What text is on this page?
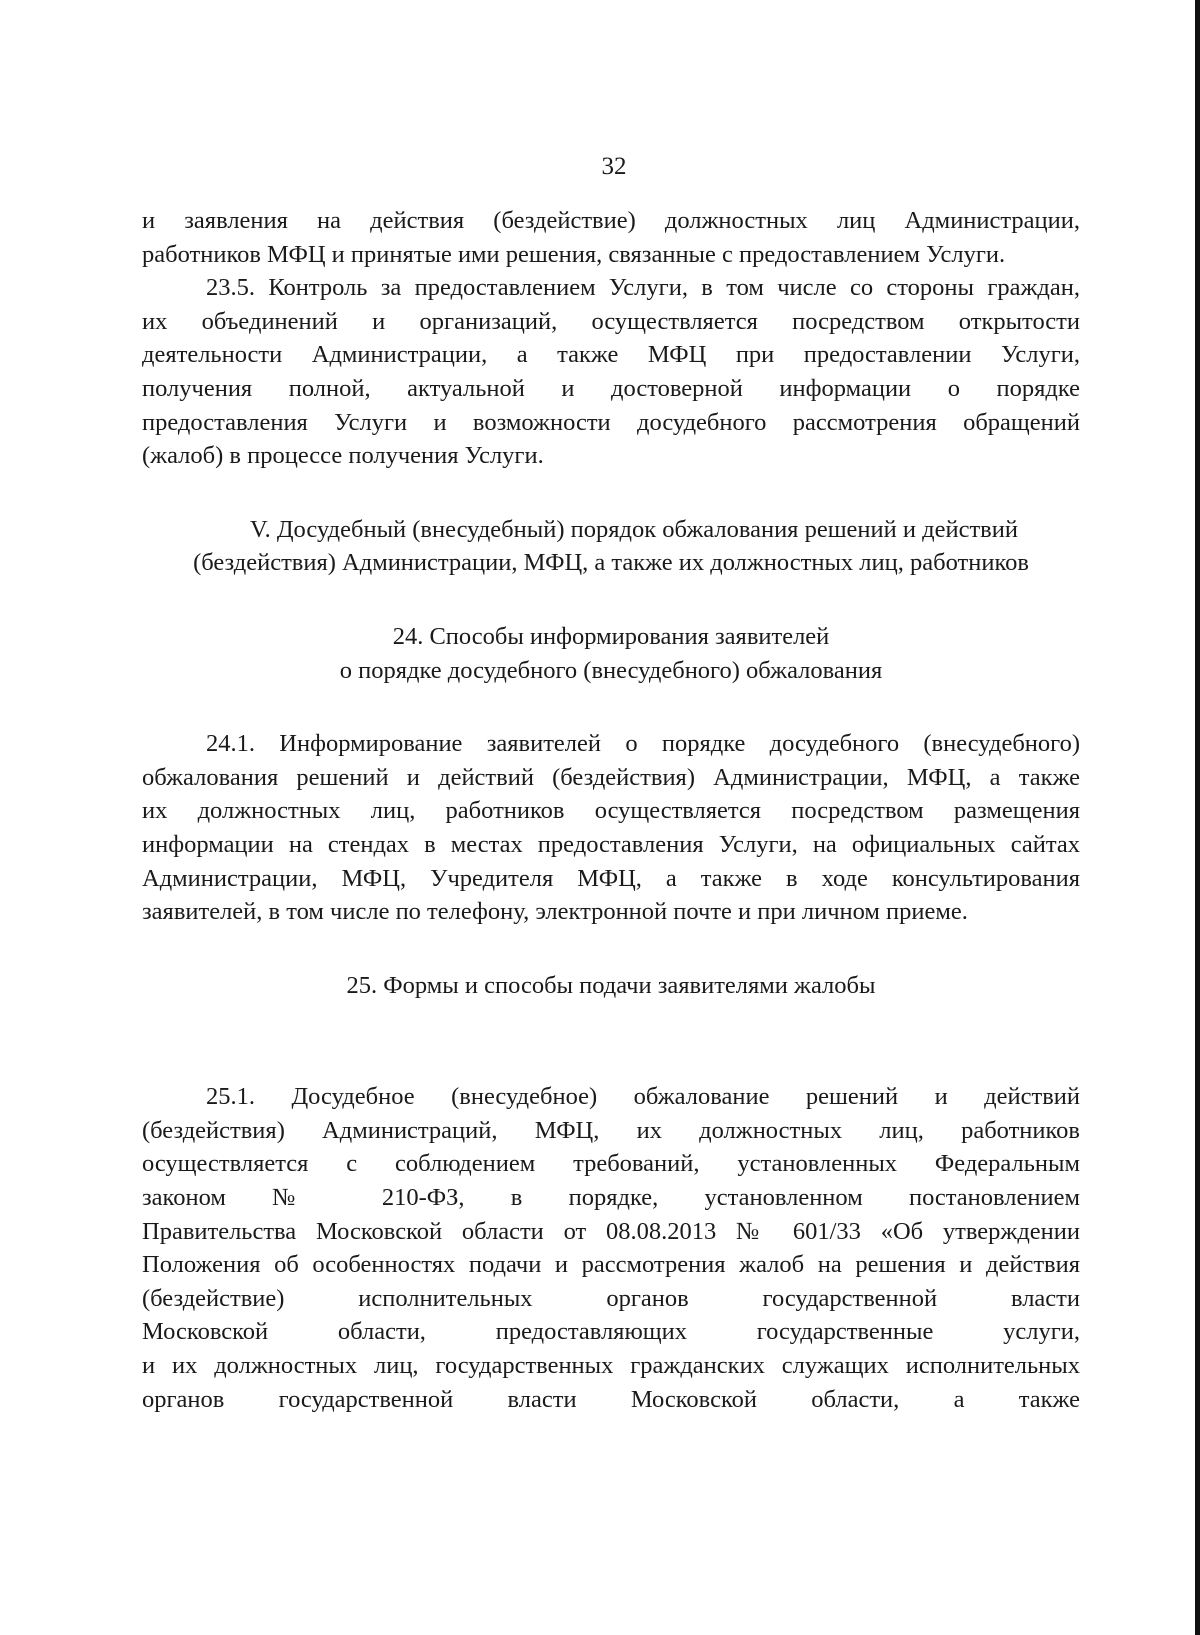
32
и заявления на действия (бездействие) должностных лиц Администрации,
работников МФЦ и принятые ими решения, связанные с предоставлением Услуги.
23.5. Контроль за предоставлением Услуги, в том числе со стороны граждан,
их объединений и организаций, осуществляется посредством открытости
деятельности Администрации, а также МФЦ при предоставлении Услуги,
получения полной, актуальной и достоверной информации о порядке
предоставления Услуги и возможности досудебного рассмотрения обращений
(жалоб) в процессе получения Услуги.
V. Досудебный (внесудебный) порядок обжалования решений и действий
(бездействия) Администрации, МФЦ, а также их должностных лиц, работников
24. Способы информирования заявителей
о порядке досудебного (внесудебного) обжалования
24.1. Информирование заявителей о порядке досудебного (внесудебного)
обжалования решений и действий (бездействия) Администрации, МФЦ, а также
их должностных лиц, работников осуществляется посредством размещения
информации на стендах в местах предоставления Услуги, на официальных сайтах
Администрации, МФЦ, Учредителя МФЦ, а также в ходе консультирования
заявителей, в том числе по телефону, электронной почте и при личном приеме.
25. Формы и способы подачи заявителями жалобы
25.1. Досудебное (внесудебное) обжалование решений и действий
(бездействия) Администраций, МФЦ, их должностных лиц, работников
осуществляется с соблюдением требований, установленных Федеральным
законом № 210-ФЗ, в порядке, установленном постановлением
Правительства Московской области от 08.08.2013 № 601/33 «Об утверждении
Положения об особенностях подачи и рассмотрения жалоб на решения и действия
(бездействие) исполнительных органов государственной власти
Московской области, предоставляющих государственные услуги,
и их должностных лиц, государственных гражданских служащих исполнительных
органов государственной власти Московской области, а также
